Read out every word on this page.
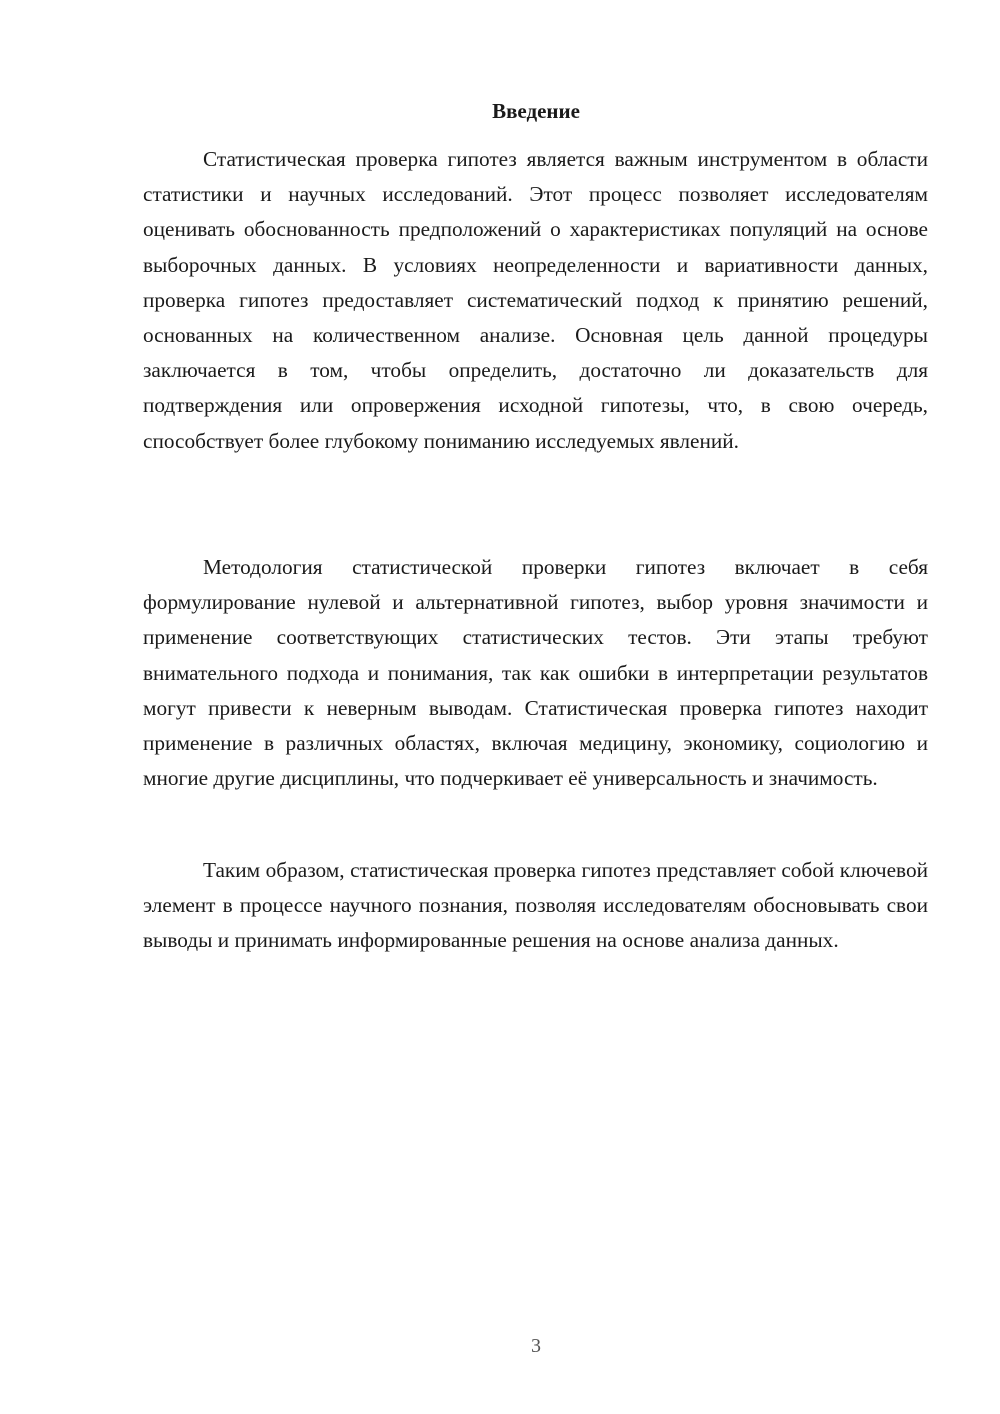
Введение

Статистическая проверка гипотез является важным инструментом в области статистики и научных исследований. Этот процесс позволяет исследователям оценивать обоснованность предположений о характеристиках популяций на основе выборочных данных. В условиях неопределенности и вариативности данных, проверка гипотез предоставляет систематический подход к принятию решений, основанных на количественном анализе. Основная цель данной процедуры заключается в том, чтобы определить, достаточно ли доказательств для подтверждения или опровержения исходной гипотезы, что, в свою очередь, способствует более глубокому пониманию исследуемых явлений.

Методология статистической проверки гипотез включает в себя формулирование нулевой и альтернативной гипотез, выбор уровня значимости и применение соответствующих статистических тестов. Эти этапы требуют внимательного подхода и понимания, так как ошибки в интерпретации результатов могут привести к неверным выводам. Статистическая проверка гипотез находит применение в различных областях, включая медицину, экономику, социологию и многие другие дисциплины, что подчеркивает её универсальность и значимость.

Таким образом, статистическая проверка гипотез представляет собой ключевой элемент в процессе научного познания, позволяя исследователям обосновывать свои выводы и принимать информированные решения на основе анализа данных.

3
